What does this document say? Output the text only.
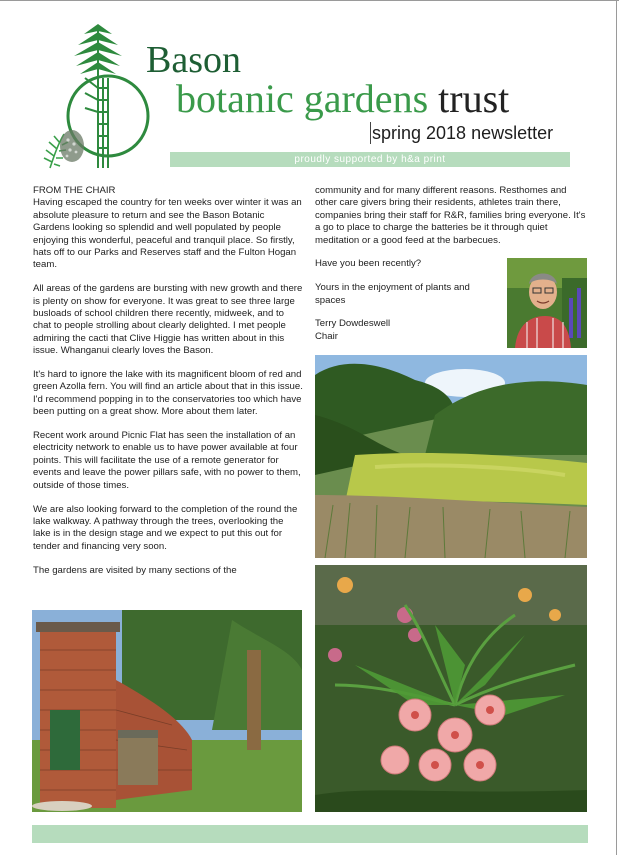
Bason
botanic gardens trust
spring 2018 newsletter
proudly supported by h&a print
FROM THE CHAIR

Having escaped the country for ten weeks over winter it was an absolute pleasure to return and see the Bason Botanic Gardens looking so splendid and well populated by people enjoying this wonderful, peaceful and tranquil place. So firstly, hats off to our Parks and Reserves staff and the Fulton Hogan team.

All areas of the gardens are bursting with new growth and there is plenty on show for everyone. It was great to see three large busloads of school children there recently, midweek, and to chat to people strolling about clearly delighted. I met people admiring the cacti that Clive Higgie has written about in this issue. Whanganui clearly loves the Bason.

It's hard to ignore the lake with its magnificent bloom of red and green Azolla fern. You will find an article about that in this issue. I'd recommend popping in to the conservatories too which have been putting on a great show. More about them later.

Recent work around Picnic Flat has seen the installation of an electricity network to enable us to have power available at four points. This will facilitate the use of a remote generator for events and leave the power pillars safe, with no power to them, outside of those times.

We are also looking forward to the completion of the round the lake walkway. A pathway through the trees, overlooking the lake is in the design stage and we expect to put this out for tender and financing very soon.

The gardens are visited by many sections of the

community and for many different reasons. Resthomes and other care givers bring their residents, athletes train there, companies bring their staff for R&R, families bring everyone. It's a go to place to charge the batteries be it through quiet meditation or a good feed at the barbecues.

Have you been recently?

Yours in the enjoyment of plants and spaces

Terry Dowdeswell
Chair
